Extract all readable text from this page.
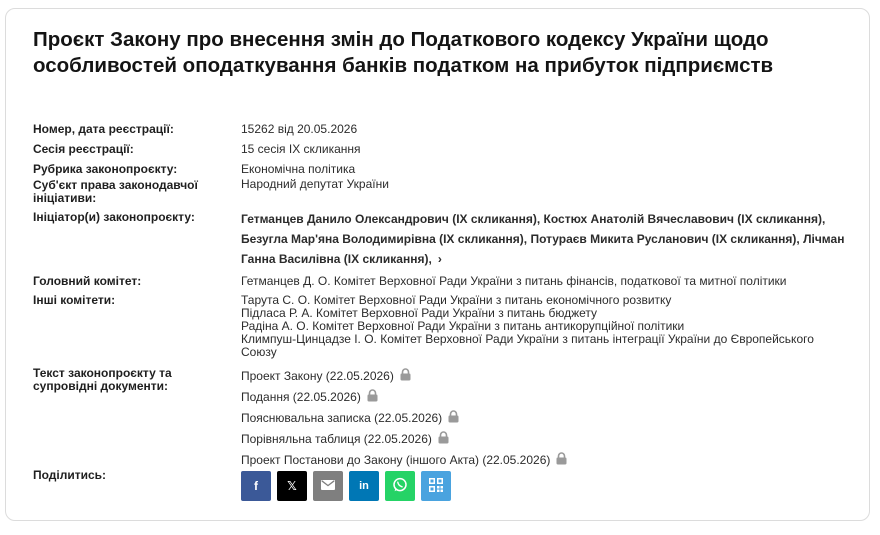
Проєкт Закону про внесення змін до Податкового кодексу України щодо особливостей оподаткування банків податком на прибуток підприємств
Номер, дата реєстрації:	15262 від 20.05.2026
Сесія реєстрації:	15 сесія IX скликання
Рубрика законопроєкту:	Економічна політика
Суб'єкт права законодавчої ініціативи:
Народний депутат України
Ініціатор(и) законопроєкту:	Гетманцев Данило Олександрович (IX скликання), Костюх Анатолій Вячеславович (IX скликання),
Безугла Мар'яна Володимирівна (IX скликання), Потураєв Микита Русланович (IX скликання), Лічман
Ганна Василівна (IX скликання), ›
Головний комітет:	Гетманцев Д. О. Комітет Верховної Ради України з питань фінансів, податкової та митної політики
Інші комітети:	Тарута С. О. Комітет Верховної Ради України з питань економічного розвитку
Підласа Р. А. Комітет Верховної Ради України з питань бюджету
Радіна А. О. Комітет Верховної Ради України з питань антикорупційної політики
Климпуш-Цинцадзе І. О. Комітет Верховної Ради України з питань інтеграції України до Європейського
Союзу
Текст законопроєкту та супровідні документи:
Проект Закону (22.05.2026)
Подання (22.05.2026)
Пояснювальна записка (22.05.2026)
Порівняльна таблиця (22.05.2026)
Проект Постанови до Закону (іншого Акта) (22.05.2026)
Поділитись:
f 𝕏	in
